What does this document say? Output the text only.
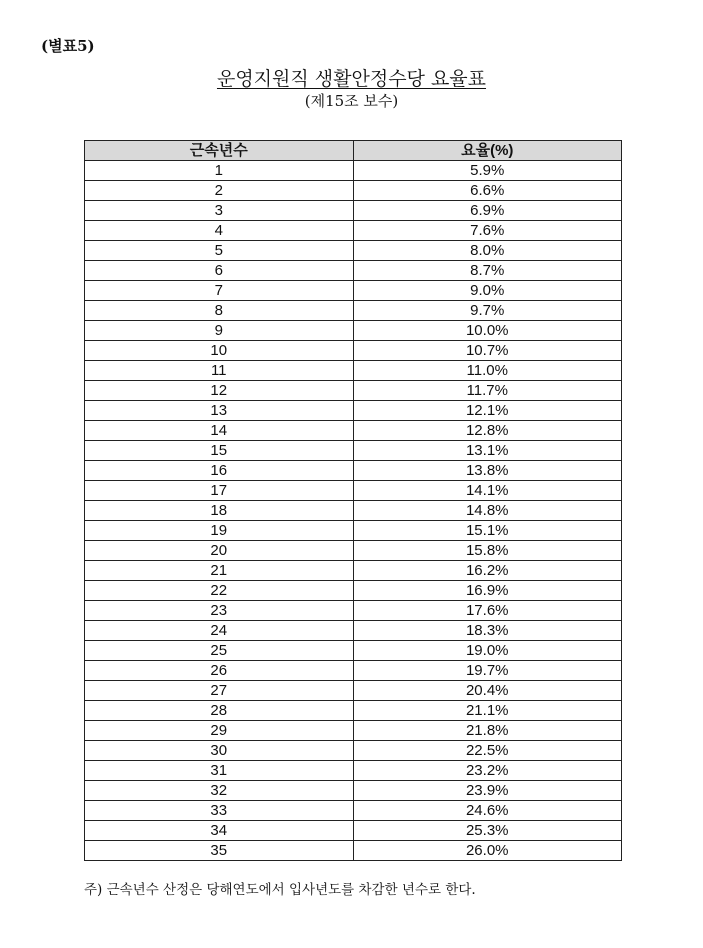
(별표5)
운영지원직 생활안정수당 요율표
(제15조 보수)
근속년수	요율(%)
1	5.9%
2	6.6%
3	6.9%
4	7.6%
5	8.0%
6	8.7%
7	9.0%
8	9.7%
9	10.0%
10	10.7%
11	11.0%
12	11.7%
13	12.1%
14	12.8%
15	13.1%
16	13.8%
17	14.1%
18	14.8%
19	15.1%
20	15.8%
21	16.2%
22	16.9%
23	17.6%
24	18.3%
25	19.0%
26	19.7%
27	20.4%
28	21.1%
29	21.8%
30	22.5%
31	23.2%
32	23.9%
33	24.6%
34	25.3%
35	26.0%
주) 근속년수 산정은 당해연도에서 입사년도를 차감한 년수로 한다.
